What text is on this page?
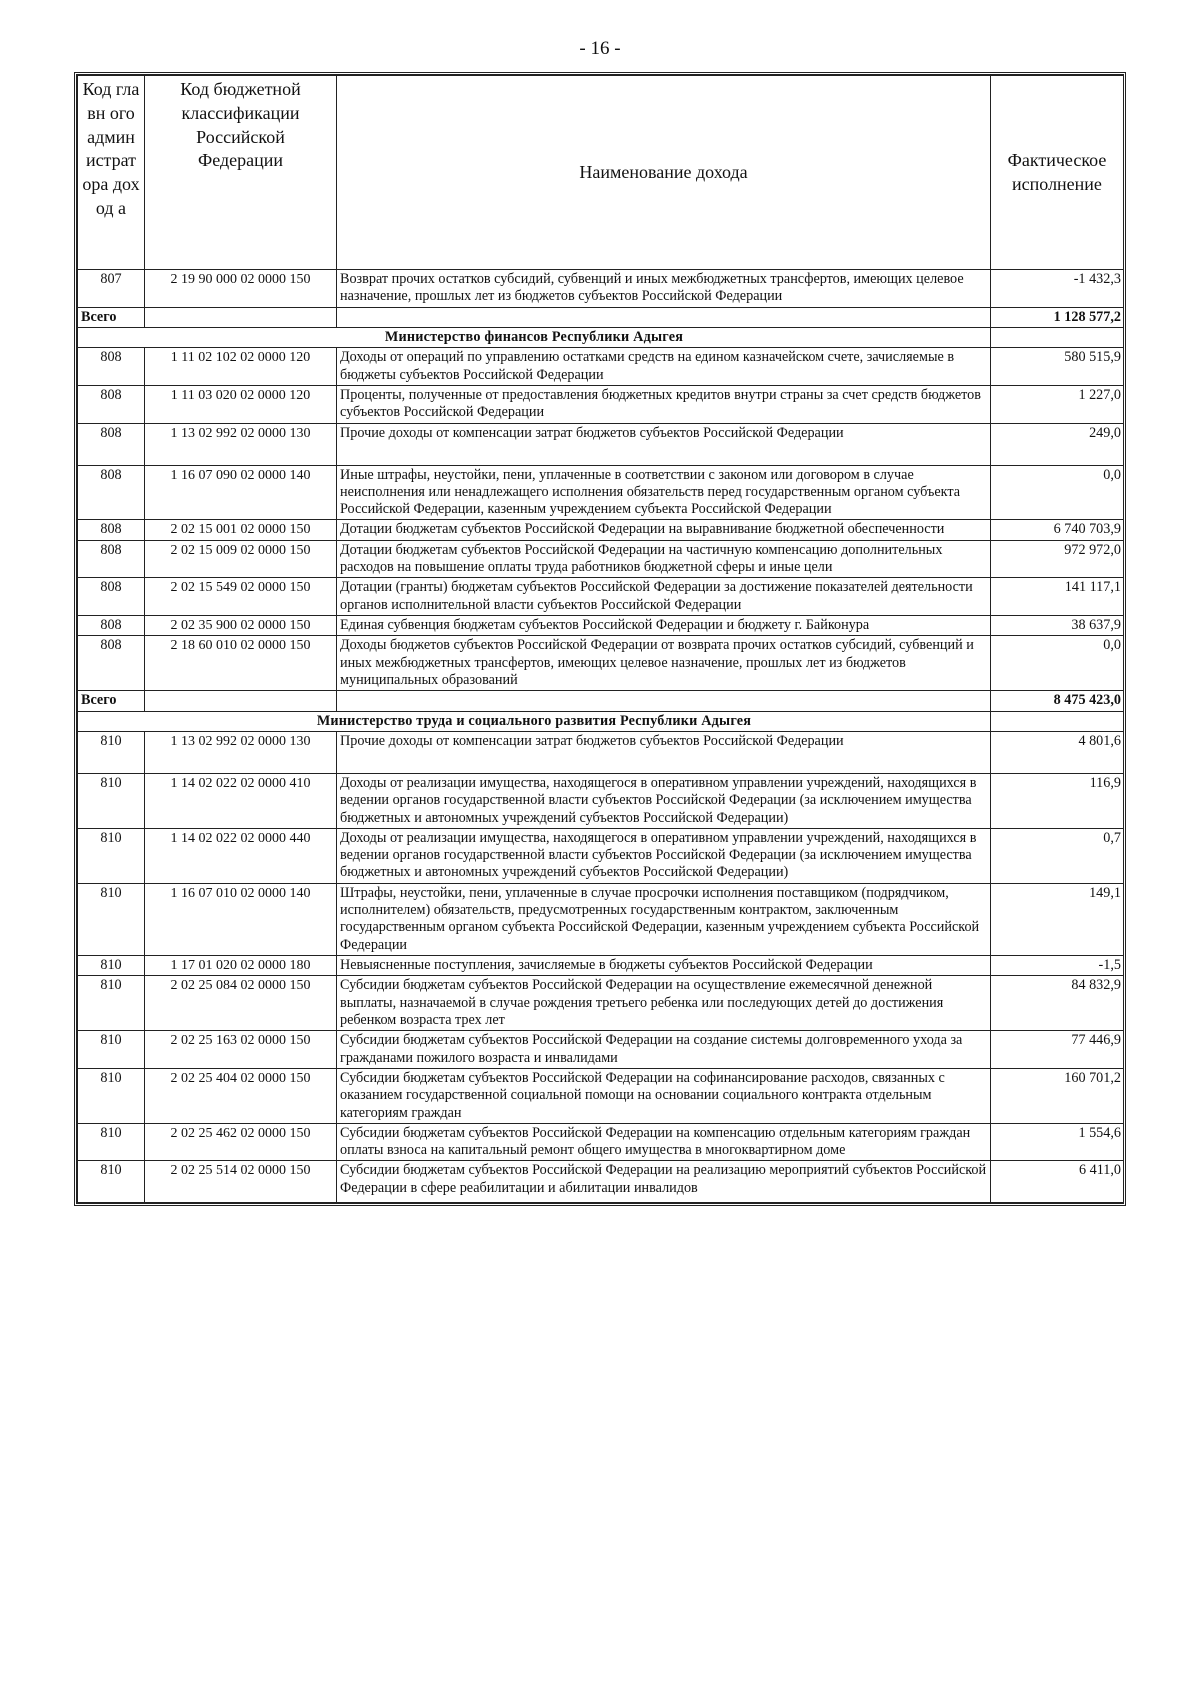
- 16 -
Код главн ого админ истрат ора доход а	Код бюджетной классификации Российской Федерации	Наименование дохода	Фактическое исполнение
807	2 19 90 000 02 0000 150	Возврат прочих остатков субсидий, субвенций и иных межбюджетных трансфертов, имеющих целевое назначение, прошлых лет из бюджетов субъектов Российской Федерации	-1 432,3
Всего			1 128 577,2
Министерство финансов Республики Адыгея			
808	1 11 02 102 02 0000 120	Доходы от операций по управлению остатками средств на едином казначейском счете, зачисляемые в бюджеты субъектов Российской Федерации	580 515,9
808	1 11 03 020 02 0000 120	Проценты, полученные от предоставления бюджетных кредитов внутри страны за счет средств бюджетов субъектов Российской Федерации	1 227,0
808	1 13 02 992 02 0000 130	Прочие доходы от компенсации затрат бюджетов субъектов Российской Федерации	249,0
808	1 16 07 090 02 0000 140	Иные штрафы, неустойки, пени, уплаченные в соответствии с законом или договором в случае неисполнения или ненадлежащего исполнения обязательств перед государственным органом субъекта Российской Федерации, казенным учреждением субъекта Российской Федерации	0,0
808	2 02 15 001 02 0000 150	Дотации бюджетам субъектов Российской Федерации на выравнивание бюджетной обеспеченности	6 740 703,9
808	2 02 15 009 02 0000 150	Дотации бюджетам субъектов Российской Федерации на частичную компенсацию дополнительных расходов на повышение оплаты труда работников бюджетной сферы и иные цели	972 972,0
808	2 02 15 549 02 0000 150	Дотации (гранты) бюджетам субъектов Российской Федерации за достижение показателей деятельности органов исполнительной власти субъектов Российской Федерации	141 117,1
808	2 02 35 900 02 0000 150	Единая субвенция бюджетам субъектов Российской Федерации и бюджету г. Байконура	38 637,9
808	2 18 60 010 02 0000 150	Доходы бюджетов субъектов Российской Федерации от возврата прочих остатков субсидий, субвенций и иных межбюджетных трансфертов, имеющих целевое назначение, прошлых лет из бюджетов муниципальных образований	0,0
Всего			8 475 423,0
Министерство труда и социального развития Республики Адыгея			
810	1 13 02 992 02 0000 130	Прочие доходы от компенсации затрат бюджетов субъектов Российской Федерации	4 801,6
810	1 14 02 022 02 0000 410	Доходы от реализации имущества, находящегося в оперативном управлении учреждений, находящихся в ведении органов государственной власти субъектов Российской Федерации (за исключением имущества бюджетных и автономных учреждений субъектов Российской Федерации)	116,9
810	1 14 02 022 02 0000 440	Доходы от реализации имущества, находящегося в оперативном управлении учреждений, находящихся в ведении органов государственной власти субъектов Российской Федерации (за исключением имущества бюджетных и автономных учреждений субъектов Российской Федерации)	0,7
810	1 16 07 010 02 0000 140	Штрафы, неустойки, пени, уплаченные в случае просрочки исполнения поставщиком (подрядчиком, исполнителем) обязательств, предусмотренных государственным контрактом, заключенным государственным органом субъекта Российской Федерации, казенным учреждением субъекта Российской Федерации	149,1
810	1 17 01 020 02 0000 180	Невыясненные поступления, зачисляемые в бюджеты субъектов Российской Федерации	-1,5
810	2 02 25 084 02 0000 150	Субсидии бюджетам субъектов Российской Федерации на осуществление ежемесячной денежной выплаты, назначаемой в случае рождения третьего ребенка или последующих детей до достижения ребенком возраста трех лет	84 832,9
810	2 02 25 163 02 0000 150	Субсидии бюджетам субъектов Российской Федерации на создание системы долговременного ухода за гражданами пожилого возраста и инвалидами	77 446,9
810	2 02 25 404 02 0000 150	Субсидии бюджетам субъектов Российской Федерации на софинансирование расходов, связанных с оказанием государственной социальной помощи на основании социального контракта отдельным категориям граждан	160 701,2
810	2 02 25 462 02 0000 150	Субсидии бюджетам субъектов Российской Федерации на компенсацию отдельным категориям граждан оплаты взноса на капитальный ремонт общего имущества в многоквартирном доме	1 554,6
810	2 02 25 514 02 0000 150	Субсидии бюджетам субъектов Российской Федерации на реализацию мероприятий субъектов Российской Федерации в сфере реабилитации и абилитации инвалидов	6 411,0
